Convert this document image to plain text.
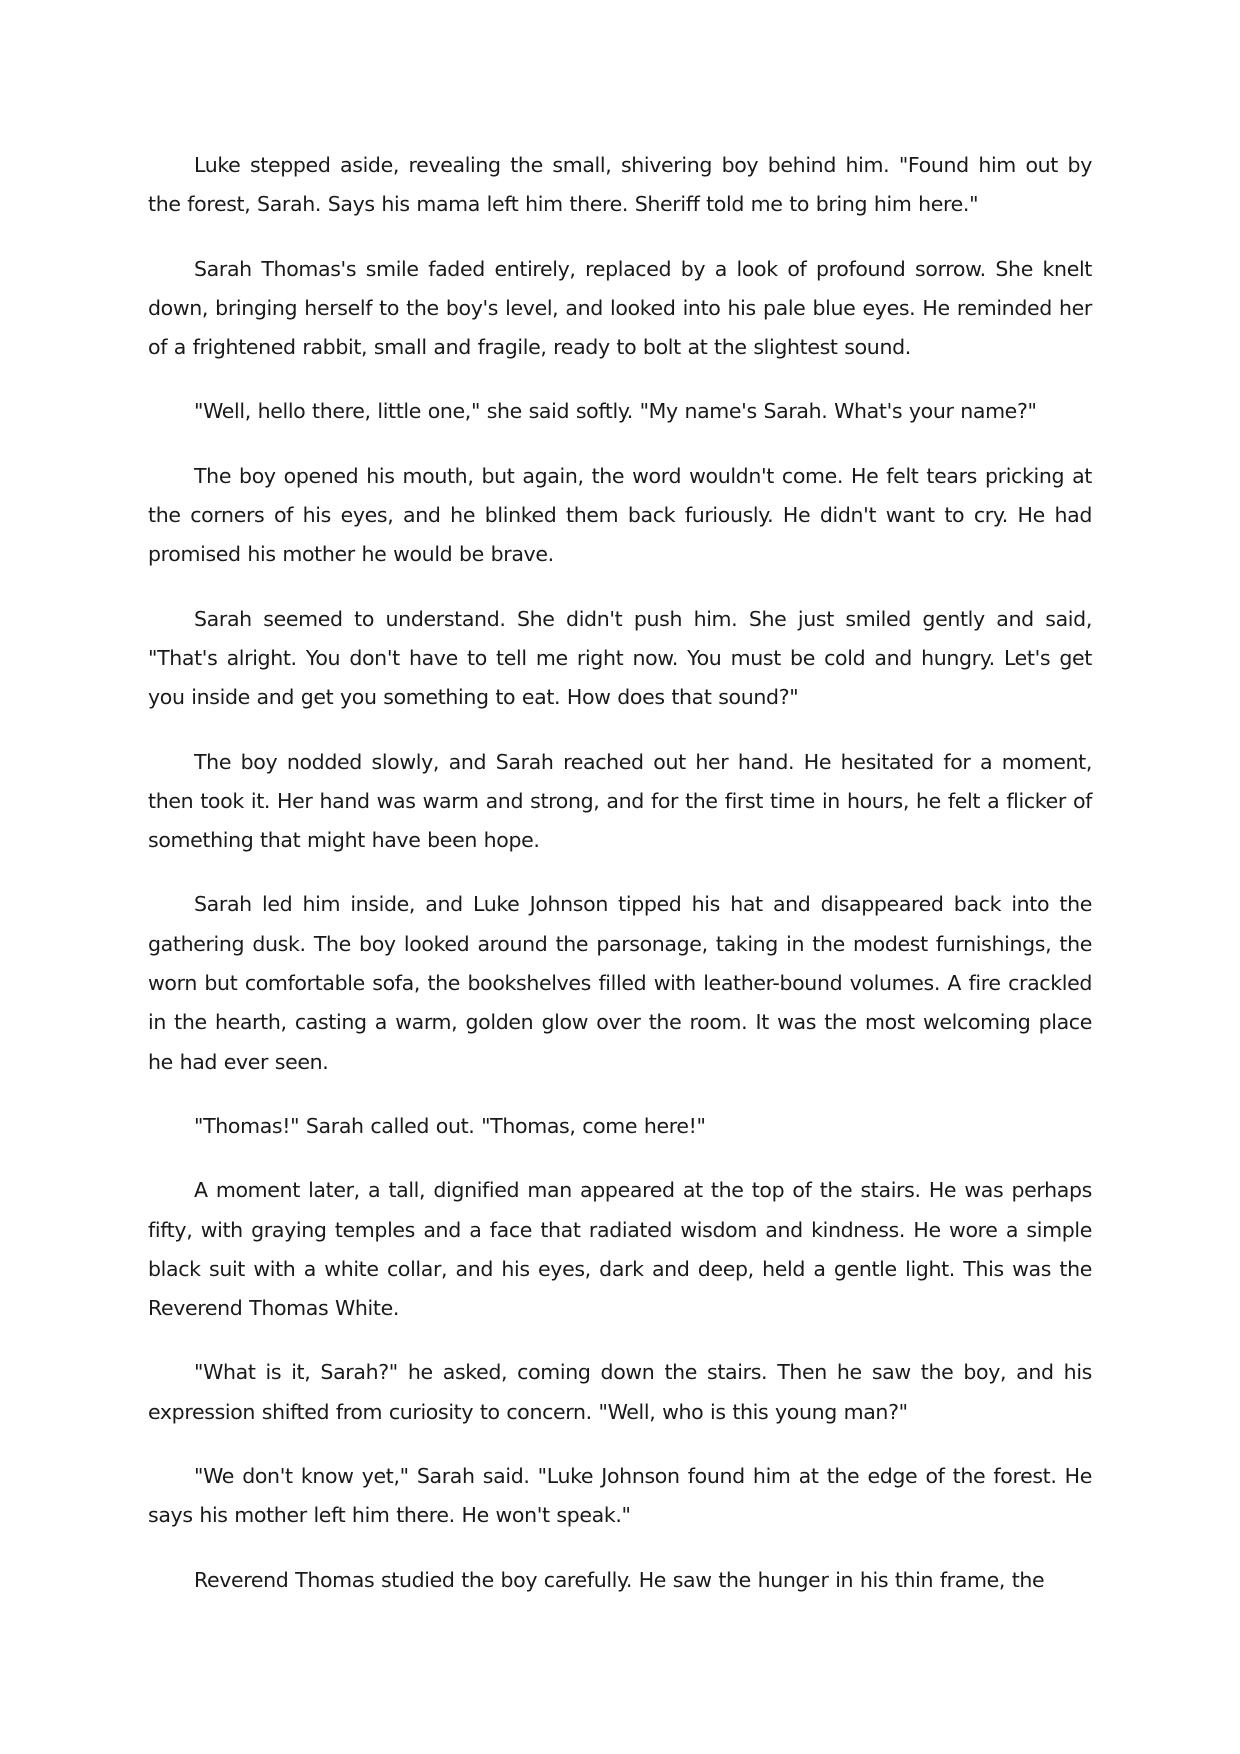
Luke stepped aside, revealing the small, shivering boy behind him. "Found him out by the forest, Sarah. Says his mama left him there. Sheriff told me to bring him here."

Sarah Thomas's smile faded entirely, replaced by a look of profound sorrow. She knelt down, bringing herself to the boy's level, and looked into his pale blue eyes. He reminded her of a frightened rabbit, small and fragile, ready to bolt at the slightest sound.

"Well, hello there, little one," she said softly. "My name's Sarah. What's your name?"

The boy opened his mouth, but again, the word wouldn't come. He felt tears pricking at the corners of his eyes, and he blinked them back furiously. He didn't want to cry. He had promised his mother he would be brave.

Sarah seemed to understand. She didn't push him. She just smiled gently and said, "That's alright. You don't have to tell me right now. You must be cold and hungry. Let's get you inside and get you something to eat. How does that sound?"

The boy nodded slowly, and Sarah reached out her hand. He hesitated for a moment, then took it. Her hand was warm and strong, and for the first time in hours, he felt a flicker of something that might have been hope.

Sarah led him inside, and Luke Johnson tipped his hat and disappeared back into the gathering dusk. The boy looked around the parsonage, taking in the modest furnishings, the worn but comfortable sofa, the bookshelves filled with leather-bound volumes. A fire crackled in the hearth, casting a warm, golden glow over the room. It was the most welcoming place he had ever seen.

"Thomas!" Sarah called out. "Thomas, come here!"

A moment later, a tall, dignified man appeared at the top of the stairs. He was perhaps fifty, with graying temples and a face that radiated wisdom and kindness. He wore a simple black suit with a white collar, and his eyes, dark and deep, held a gentle light. This was the Reverend Thomas White.

"What is it, Sarah?" he asked, coming down the stairs. Then he saw the boy, and his expression shifted from curiosity to concern. "Well, who is this young man?"

"We don't know yet," Sarah said. "Luke Johnson found him at the edge of the forest. He says his mother left him there. He won't speak."

Reverend Thomas studied the boy carefully. He saw the hunger in his thin frame, the
